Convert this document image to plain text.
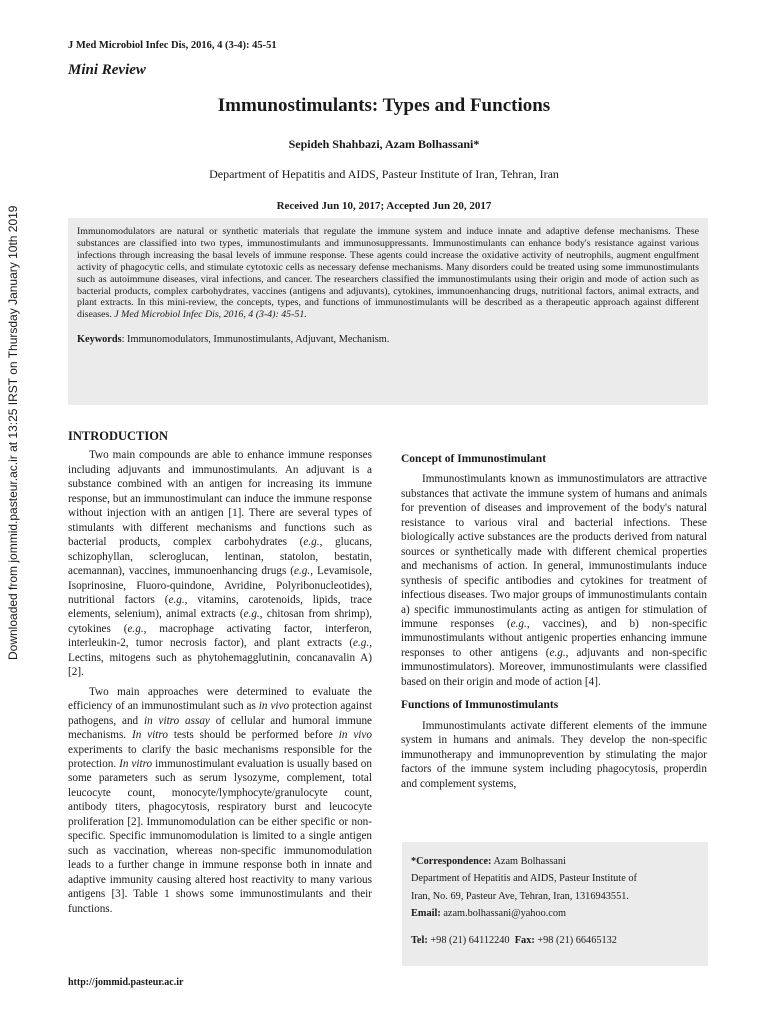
J Med Microbiol Infec Dis, 2016, 4 (3-4): 45-51
Mini Review
Immunostimulants: Types and Functions
Sepideh Shahbazi, Azam Bolhassani*
Department of Hepatitis and AIDS, Pasteur Institute of Iran, Tehran, Iran
Received Jun 10, 2017; Accepted Jun 20, 2017
Downloaded from jommid.pasteur.ac.ir at 13:25 IRST on Thursday January 10th 2019	Immunomodulators are natural or synthetic materials that regulate the immune system and induce innate and adaptive defense mechanisms. These substances are classified into two types, immunostimulants and immunosuppressants. Immunostimulants can enhance body's resistance against various infections through increasing the basal levels of immune response. These agents could increase the oxidative activity of neutrophils, augment engulfment activity of phagocytic cells, and stimulate cytotoxic cells as necessary defense mechanisms. Many disorders could be treated using some immunostimulants such as autoimmune diseases, viral infections, and cancer. The researchers classified the immunostimulants using their origin and mode of action such as bacterial products, complex carbohydrates, vaccines (antigens and adjuvants), cytokines, immunoenhancing drugs, nutritional factors, animal extracts, and plant extracts. In this mini-review, the concepts, types, and functions of immunostimulants will be described as a therapeutic approach against different diseases. J Med Microbiol Infec Dis, 2016, 4 (3-4): 45-51.

Keywords: Immunomodulators, Immunostimulants, Adjuvant, Mechanism.
INTRODUCTION

Two main compounds are able to enhance immune responses including adjuvants and immunostimulants. An adjuvant is a substance combined with an antigen for increasing its immune response, but an immunostimulant can induce the immune response without injection with an antigen [1]. There are several types of stimulants with different mechanisms and functions such as bacterial products, complex carbohydrates (e.g., glucans, schizophyllan, scleroglucan, lentinan, statolon, bestatin, acemannan), vaccines, immunoenhancing drugs (e.g., Levamisole, Isoprinosine, Fluoro-quindone, Avridine, Polyribonucleotides), nutritional factors (e.g., vitamins, carotenoids, lipids, trace elements, selenium), animal extracts (e.g., chitosan from shrimp), cytokines (e.g., macrophage activating factor, interferon, interleukin-2, tumor necrosis factor), and plant extracts (e.g., Lectins, mitogens such as phytohemagglutinin, concanavalin A) [2].

Two main approaches were determined to evaluate the efficiency of an immunostimulant such as in vivo protection against pathogens, and in vitro assay of cellular and humoral immune mechanisms. In vitro tests should be performed before in vivo experiments to clarify the basic mechanisms responsible for the protection. In vitro immunostimulant evaluation is usually based on some parameters such as serum lysozyme, complement, total leucocyte count, monocyte/lymphocyte/granulocyte count, antibody titers, phagocytosis, respiratory burst and leucocyte proliferation [2]. Immunomodulation can be either specific or non-specific. Specific immunomodulation is limited to a single antigen such as vaccination, whereas non-specific immunomodulation leads to a further change in immune response both in innate and adaptive immunity causing altered host reactivity to many various antigens [3]. Table 1 shows some immunostimulants and their functions.

Concept of Immunostimulant

Immunostimulants known as immunostimulators are attractive substances that activate the immune system of humans and animals for prevention of diseases and improvement of the body's natural resistance to various viral and bacterial infections. These biologically active substances are the products derived from natural sources or synthetically made with different chemical properties and mechanisms of action. In general, immunostimulants induce synthesis of specific antibodies and cytokines for treatment of infectious diseases. Two major groups of immunostimulants contain a) specific immunostimulants acting as antigen for stimulation of immune responses (e.g., vaccines), and b) non-specific immunostimulants without antigenic properties enhancing immune responses to other antigens (e.g., adjuvants and non-specific immunostimulators). Moreover, immunostimulants were classified based on their origin and mode of action [4].

Functions of Immunostimulants

Immunostimulants activate different elements of the immune system in humans and animals. They develop the non-specific immunotherapy and immunoprevention by stimulating the major factors of the immune system including phagocytosis, properdin and complement systems,

*Correspondence: Azam Bolhassani
Department of Hepatitis and AIDS, Pasteur Institute of
Iran, No. 69, Pasteur Ave, Tehran, Iran, 1316943551.
Email: azam.bolhassani@yahoo.com
Tel: +98 (21) 64112240 Fax: +98 (21) 66465132
http://jommid.pasteur.ac.ir
